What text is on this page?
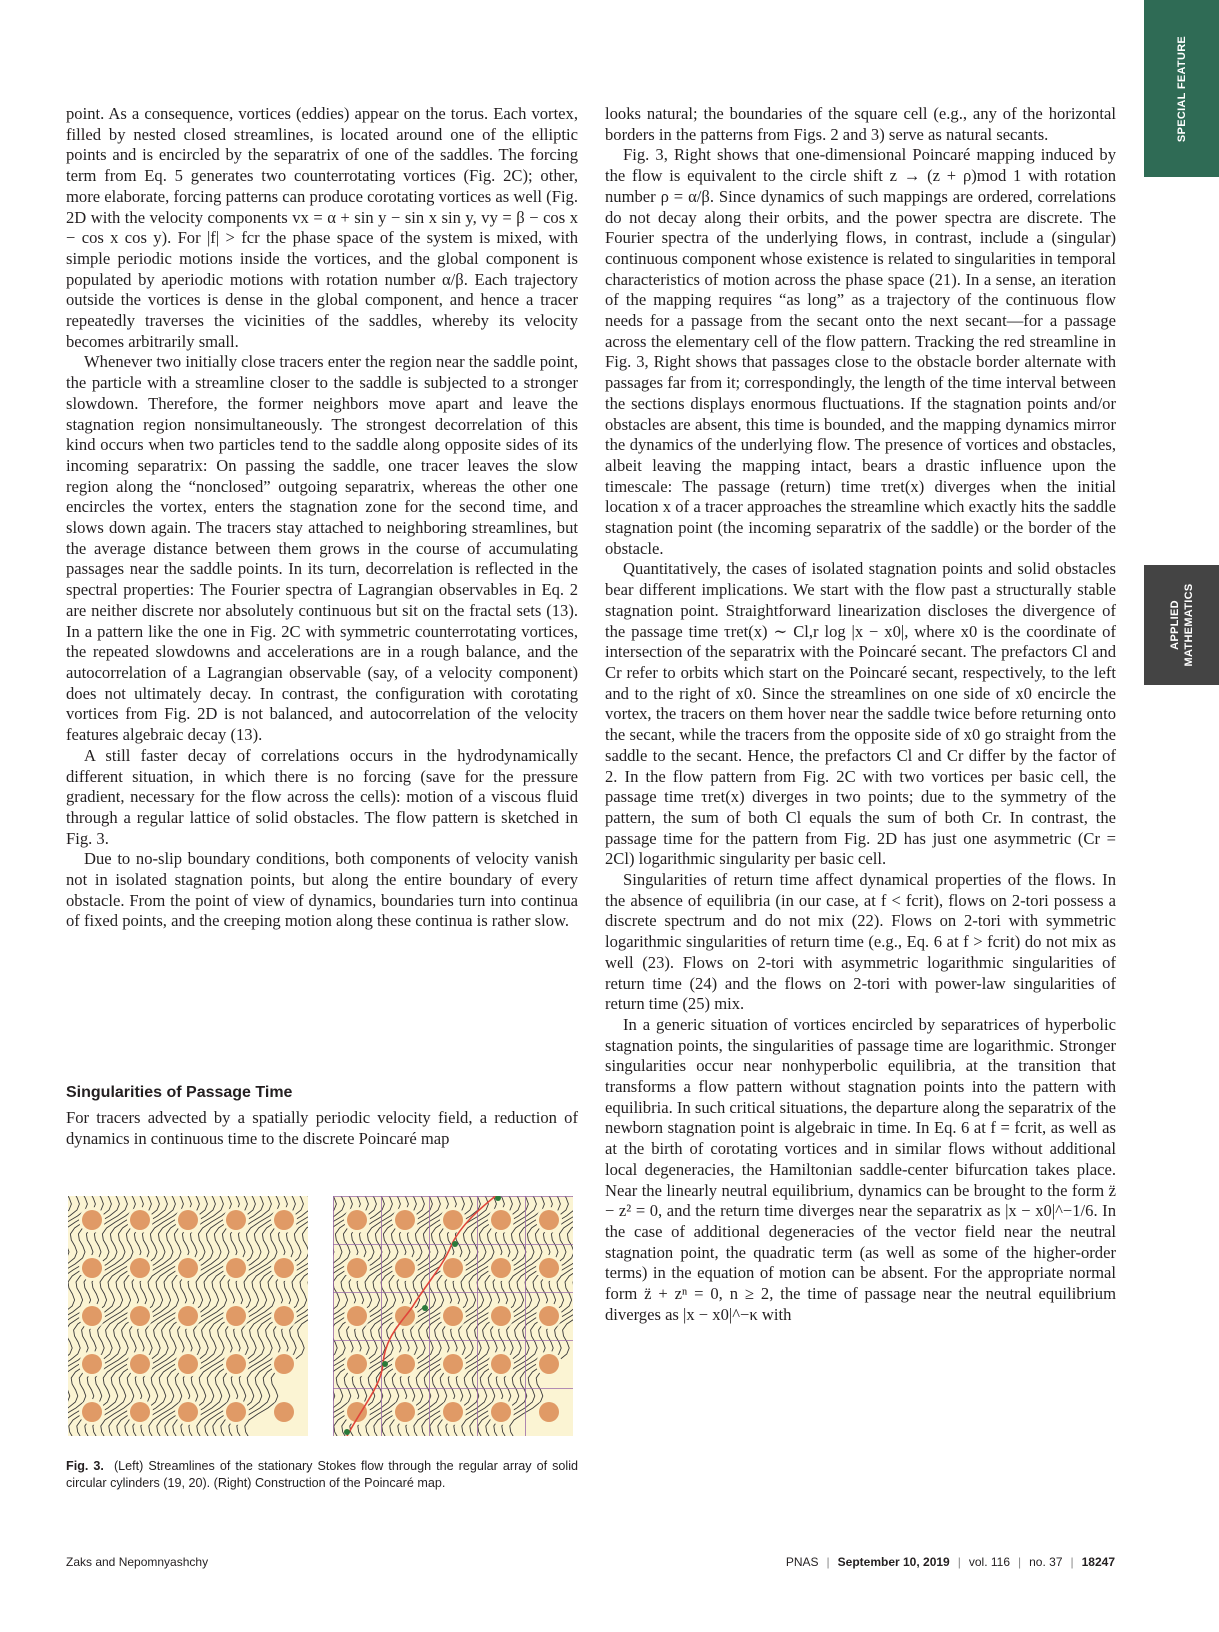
SPECIAL FEATURE
APPLIED MATHEMATICS

point. As a consequence, vortices (eddies) appear on the torus. Each vortex, filled by nested closed streamlines, is located around one of the elliptic points and is encircled by the separatrix of one of the saddles. The forcing term from Eq. 5 generates two counterrotating vortices (Fig. 2C); other, more elaborate, forcing patterns can produce corotating vortices as well (Fig. 2D with the velocity components vx = α + sin y − sin x sin y, vy = β − cos x − cos x cos y). For |f| > fcr the phase space of the system is mixed, with simple periodic motions inside the vortices, and the global component is populated by aperiodic motions with rotation number α/β. Each trajectory outside the vortices is dense in the global component, and hence a tracer repeatedly traverses the vicinities of the saddles, whereby its velocity becomes arbitrarily small.

Whenever two initially close tracers enter the region near the saddle point, the particle with a streamline closer to the saddle is subjected to a stronger slowdown. Therefore, the former neighbors move apart and leave the stagnation region nonsimultaneously. The strongest decorrelation of this kind occurs when two particles tend to the saddle along opposite sides of its incoming separatrix: On passing the saddle, one tracer leaves the slow region along the “nonclosed” outgoing separatrix, whereas the other one encircles the vortex, enters the stagnation zone for the second time, and slows down again. The tracers stay attached to neighboring streamlines, but the average distance between them grows in the course of accumulating passages near the saddle points. In its turn, decorrelation is reflected in the spectral properties: The Fourier spectra of Lagrangian observables in Eq. 2 are neither discrete nor absolutely continuous but sit on the fractal sets (13). In a pattern like the one in Fig. 2C with symmetric counterrotating vortices, the repeated slowdowns and accelerations are in a rough balance, and the autocorrelation of a Lagrangian observable (say, of a velocity component) does not ultimately decay. In contrast, the configuration with corotating vortices from Fig. 2D is not balanced, and autocorrelation of the velocity features algebraic decay (13).

A still faster decay of correlations occurs in the hydrodynamically different situation, in which there is no forcing (save for the pressure gradient, necessary for the flow across the cells): motion of a viscous fluid through a regular lattice of solid obstacles. The flow pattern is sketched in Fig. 3.

Due to no-slip boundary conditions, both components of velocity vanish not in isolated stagnation points, but along the entire boundary of every obstacle. From the point of view of dynamics, boundaries turn into continua of fixed points, and the creeping motion along these continua is rather slow.

Singularities of Passage Time
For tracers advected by a spatially periodic velocity field, a reduction of dynamics in continuous time to the discrete Poincaré map
Fig. 3. (Left) Streamlines of the stationary Stokes flow through the regular array of solid circular cylinders (19, 20). (Right) Construction of the Poincaré map.

looks natural; the boundaries of the square cell (e.g., any of the horizontal borders in the patterns from Figs. 2 and 3) serve as natural secants.

Fig. 3, Right shows that one-dimensional Poincaré mapping induced by the flow is equivalent to the circle shift z → (z + ρ)mod 1 with rotation number ρ = α/β. Since dynamics of such mappings are ordered, correlations do not decay along their orbits, and the power spectra are discrete. The Fourier spectra of the underlying flows, in contrast, include a (singular) continuous component whose existence is related to singularities in temporal characteristics of motion across the phase space (21). In a sense, an iteration of the mapping requires “as long” as a trajectory of the continuous flow needs for a passage from the secant onto the next secant—for a passage across the elementary cell of the flow pattern. Tracking the red streamline in Fig. 3, Right shows that passages close to the obstacle border alternate with passages far from it; correspondingly, the length of the time interval between the sections displays enormous fluctuations. If the stagnation points and/or obstacles are absent, this time is bounded, and the mapping dynamics mirror the dynamics of the underlying flow. The presence of vortices and obstacles, albeit leaving the mapping intact, bears a drastic influence upon the timescale: The passage (return) time τret(x) diverges when the initial location x of a tracer approaches the streamline which exactly hits the saddle stagnation point (the incoming separatrix of the saddle) or the border of the obstacle.

Quantitatively, the cases of isolated stagnation points and solid obstacles bear different implications. We start with the flow past a structurally stable stagnation point. Straightforward linearization discloses the divergence of the passage time τret(x) ∼ Cl,r log |x − x0|, where x0 is the coordinate of intersection of the separatrix with the Poincaré secant. The prefactors Cl and Cr refer to orbits which start on the Poincaré secant, respectively, to the left and to the right of x0. Since the streamlines on one side of x0 encircle the vortex, the tracers on them hover near the saddle twice before returning onto the secant, while the tracers from the opposite side of x0 go straight from the saddle to the secant. Hence, the prefactors Cl and Cr differ by the factor of 2. In the flow pattern from Fig. 2C with two vortices per basic cell, the passage time τret(x) diverges in two points; due to the symmetry of the pattern, the sum of both Cl equals the sum of both Cr. In contrast, the passage time for the pattern from Fig. 2D has just one asymmetric (Cr = 2Cl) logarithmic singularity per basic cell.

Singularities of return time affect dynamical properties of the flows. In the absence of equilibria (in our case, at f < fcrit), flows on 2-tori possess a discrete spectrum and do not mix (22). Flows on 2-tori with symmetric logarithmic singularities of return time (e.g., Eq. 6 at f > fcrit) do not mix as well (23). Flows on 2-tori with asymmetric logarithmic singularities of return time (24) and the flows on 2-tori with power-law singularities of return time (25) mix.

In a generic situation of vortices encircled by separatrices of hyperbolic stagnation points, the singularities of passage time are logarithmic. Stronger singularities occur near nonhyperbolic equilibria, at the transition that transforms a flow pattern without stagnation points into the pattern with equilibria. In such critical situations, the departure along the separatrix of the newborn stagnation point is algebraic in time. In Eq. 6 at f = fcrit, as well as at the birth of corotating vortices and in similar flows without additional local degeneracies, the Hamiltonian saddle-center bifurcation takes place. Near the linearly neutral equilibrium, dynamics can be brought to the form z̈ − z² = 0, and the return time diverges near the separatrix as |x − x0|^−1/6. In the case of additional degeneracies of the vector field near the neutral stagnation point, the quadratic term (as well as some of the higher-order terms) in the equation of motion can be absent. For the appropriate normal form z̈ + zⁿ = 0, n ≥ 2, the time of passage near the neutral equilibrium diverges as |x − x0|^−κ with

Zaks and Nepomnyashchy	PNAS | September 10, 2019 | vol. 116 | no. 37 | 18247
